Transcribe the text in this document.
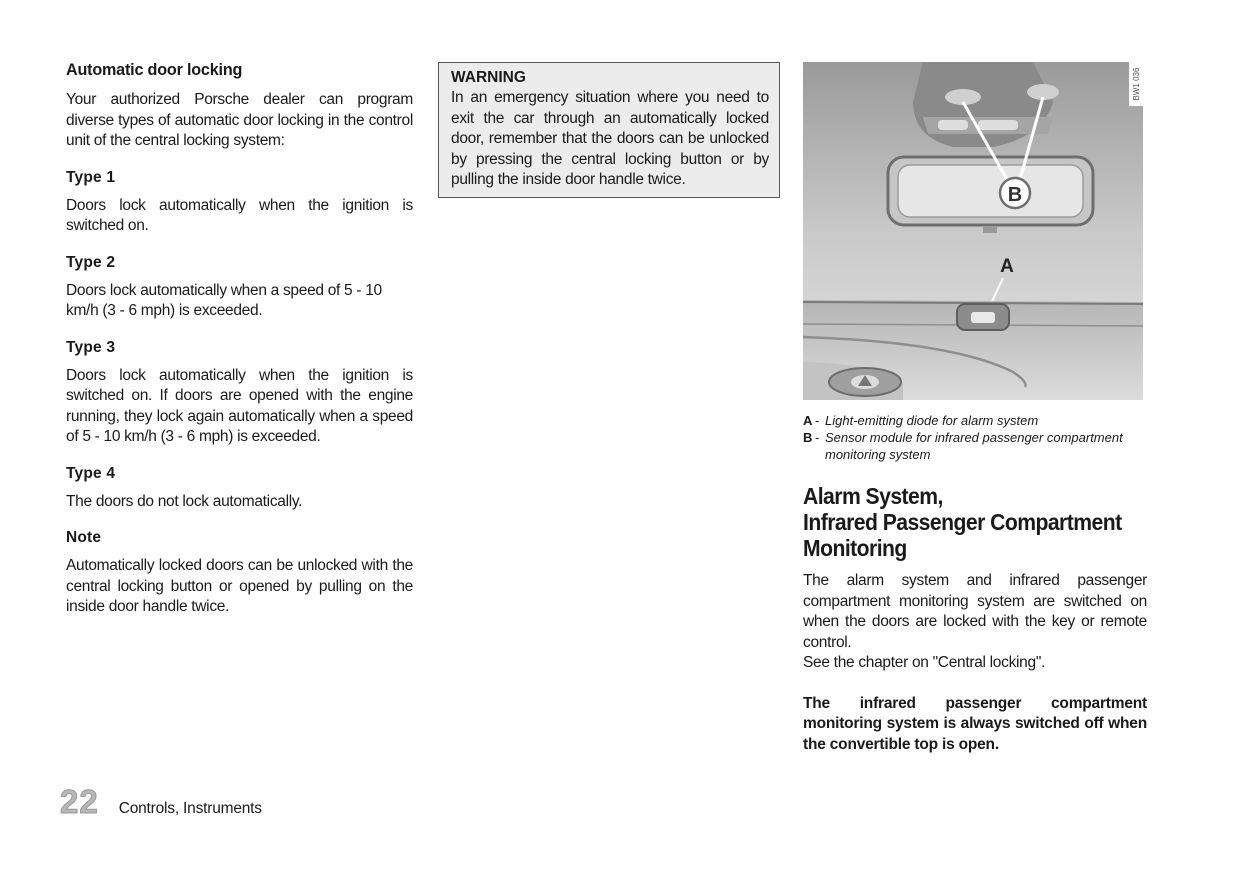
Automatic door locking

Your authorized Porsche dealer can program diverse types of automatic door locking in the control unit of the central locking system:

Type 1

Doors lock automatically when the ignition is switched on.

Type 2

Doors lock automatically when a speed of 5 - 10 km/h (3 - 6 mph) is exceeded.

Type 3

Doors lock automatically when the ignition is switched on. If doors are opened with the engine running, they lock again automatically when a speed of 5 - 10 km/h (3 - 6 mph) is exceeded.

Type 4

The doors do not lock automatically.

Note

Automatically locked doors can be unlocked with the central locking button or opened by pulling on the inside door handle twice.

WARNING
In an emergency situation where you need to exit the car through an automatically locked door, remember that the doors can be unlocked by pressing the central locking button or by pulling the inside door handle twice.
B
A
BW1 036
A - Light-emitting diode for alarm system
B - Sensor module for infrared passenger compartment monitoring system
Alarm System,
Infrared Passenger Compartment
Monitoring

The alarm system and infrared passenger compartment monitoring system are switched on when the doors are locked with the key or remote control.

See the chapter on "Central locking".

The infrared passenger compartment monitoring system is always switched off when the convertible top is open.

22 Controls, Instruments
